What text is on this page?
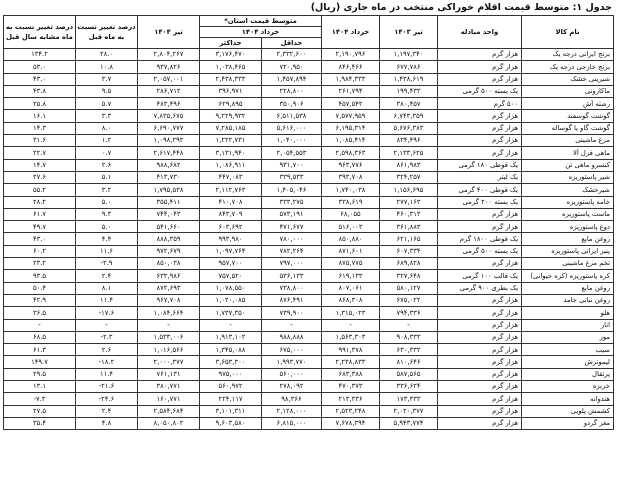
جدول ۱: متوسط قیمت اقلام خوراکی منتخب در ماه جاری (ریال)
نام کالا	واحد مبادله	تیر ۱۴۰۳	خرداد ۱۴۰۴	متوسط قیمت استان*		تیر ۱۴۰۴	درصد تغییر نسبت به ماه قبل	درصد تغییر نسبت به ماه مشابه سال قبل
				خرداد ۱۴۰۴				
				حداقل	حداکثر			
برنج ایرانی درجه یک	هزار گرم	۱,۱۹۷,۳۴۰	۲,۱۹۰,۷۹۶	۲,۳۳۲,۶۰۰	۳,۱۷۶,۴۷۰	۲,۸۰۴,۲۶۷	۲۸.۰	۱۳۴.۲
برنج خارجی درجه یک	هزار گرم	۶۷۷,۷۸۶	۸۴۶,۴۶۶	۷۲۰,۹۵۰	۱,۰۳۸,۴۶۵	۹۳۷,۸۲۶	۱۰.۸	۵۳.۰
شیرینی خشک	هزار گرم	۱,۴۳۸,۶۱۹	۱,۹۸۴,۳۳۳	۱,۴۵۷,۸۹۴	۲,۴۳۸,۳۳۳	۲,۰۵۷,۰۰۱	۳.۷	۴۳.۰
ماکارونی	یک بسته ۵۰۰ گرمی	۱۹۹,۴۳۳	۲۶۱,۷۹۴	۲۲۸,۸۰۰	۳۹۶,۹۷۱	۲۸۶,۷۱۲	۹.۵	۴۳.۸
رشته آش	۵۰۰ گرم	۳۸۰,۴۵۷	۴۵۷,۵۴۲	۳۵۰,۹۰۶	۶۲۹,۸۹۵	۴۸۳,۴۹۶	۵.۷	۲۵.۸
گوشت گوسفند	هزار گرم	۶,۷۴۳,۳۵۹	۷,۵۷۷,۹۵۹	۶,۵۱۱,۵۳۸	۹,۲۲۹,۹۳۲	۷,۸۳۵,۶۷۵	۳.۳	۱۶.۱
گوشت گاو یا گوساله	هزار گرم	۵,۶۷۶,۳۸۳	۶,۱۹۵,۳۱۴	۵,۶۱۶,۰۰۰	۷,۲۸۵,۱۸۵	۶,۶۹۰,۷۷۷	۸.۰	۱۴.۳
مرغ ماشینی	هزار گرم	۸۳۴,۴۹۶	۱,۰۸۵,۴۱۴	۱,۰۴۰,۰۰۰	۱,۲۲۲,۷۳۱	۱,۰۹۸,۲۹۲	۱.۲	۳۱.۶
ماهی قزل آلا	هزار گرم	۲,۱۳۳,۶۲۵	۲,۵۹۸,۳۶۳	۲,۰۵۴,۵۵۳	۳,۱۳۱,۹۴۰	۲,۶۱۷,۴۴۸	۰.۷	۲۲.۷
کنسرو ماهی تن	یک قوطی ۱۸۰ گرمی	۸۶۱,۹۸۳	۹۶۳,۷۷۶	۹۳۱,۷۰۰	۱,۰۸۶,۹۱۱	۹۸۸,۶۸۲	۲.۶	۱۴.۷
شیر پاستوریزه	یک لیتر	۳۲۴,۲۵۷	۳۹۳,۷۰۸	۳۳۹,۵۳۳	۴۴۷,۰۸۳	۴۱۳,۷۳۰	۵.۱	۲۷.۶
شیرخشک	یک قوطی ۴۰۰ گرمی	۱,۱۵۶,۶۹۵	۱,۷۴۰,۰۳۸	۱,۴۰۵,۰۴۶	۲,۱۱۲,۷۶۳	۱,۷۹۵,۵۳۸	۳.۲	۵۵.۲
خامه پاستوریزه	یک بسته ۲۰۰ گرمی	۲۷۷,۱۶۳	۳۳۸,۶۱۹	۳۳۳,۲۷۵	۴۱۰,۷۰۸	۳۵۵,۴۱۱	۵.۰	۲۸.۲
ماست پاستوریزه	هزار گرم	۴۶۰,۳۱۳	۶۸,۰۵۵	۵۷۳,۱۹۱	۸۴۳,۷۰۹	۷۴۴,۰۴۳	۹.۳	۶۱.۷
دوغ پاستوریزه	هزار گرم	۳۶۱,۸۸۳	۵۱۶,۰۰۳	۴۷۱,۶۷۷	۶۰۳,۶۹۲	۵۴۱,۶۶۰	۵.۰	۴۹.۷
روغن مایع	یک قوطی ۱۸۰۰ گرم	۶۲۱,۱۶۵	۸۵۰,۸۸۰	۷۸۰,۰۰۰	۹۹۳,۹۸۰	۸۸۸,۳۵۹	۴.۴	۴۳.۰
پنیر ایرانی پاستوریزه	یک بسته ۵۰۰ گرمی	۶۰۷,۳۳۴	۸۷۱,۶۰۱	۷۸۲,۲۶۴	۱,۰۹۷,۷۶۴	۹۷۲,۶۷۹	۱۱.۶	۶۰.۲
تخم مرغ ماشینی	هزار گرم	۶۸۹,۸۲۸	۸۷۵,۷۷۵	۷۹۷,۰۰۰	۹۵۷,۷۰۰	۸۵۰,۰۳۸	-۲.۹	۲۳.۲
کره پاستوریزه (کره حیوانی)	یک قالب ۱۰۰ گرمی	۳۲۷,۶۴۸	۶۱۹,۱۳۳	۵۳۶,۱۳۳	۷۵۷,۵۲۰	۶۳۳,۹۸۶	۲.۴	۹۳.۵
روغن مایع	یک بطری ۹۰۰ گرمی	۵۸۰,۱۲۷	۸۰۷,۰۶۱	۷۳۸,۸۰۰	۱,۰۷۸,۵۵۰	۸۷۲,۶۹۳	۸.۱	۵۰.۴
روغن نباتی جامد	هزار گرم	۶۷۵,۰۲۲	۸۶۸,۳۰۸	۸۷۶,۴۹۱	۱,۰۲۰,۰۸۵	۹۶۷,۷۰۸	۱۱.۴	۴۲.۹
هلو	هزار گرم	۷۹۴,۳۳۶	۱,۳۱۵,۰۲۳	۷۳۹,۹۰۰	۱,۷۳۷,۳۵۰	۱,۰۸۴,۶۶۴	-۱۷.۶	۳۶.۵
انار	هزار گرم	-	-	-	-	-	-	-
موز	هزار گرم	۹۰۸,۳۳۳	۱,۵۶۳,۳۰۳	۹۸۸,۸۸۸	۱,۹۱۳,۱۰۲	۱,۵۳۳,۰۰۶	-۲.۳	۶۸.۵
سیب	هزار گرم	۶۳۰,۳۳۳	۹۹۱,۳۷۸	۶۷۵,۰۰۰	۱,۳۴۵,۰۸۸	۱,۰۱۶,۵۶۶	۲.۶	۶۱.۳
لیموترش	هزار گرم	۸۱۰,۶۴۶	۲,۲۳۸,۸۳۳	۱,۹۹۳,۷۷۰	۳,۶۵۳,۳۰۰	۲,۰۰۰,۳۷۷	-۱۸.۲	۱۴۹.۷
پرتقال	هزار گرم	۵۸۷,۵۶۵	۶۸۳,۳۸۸	۵۶۰,۰۰۰	۹۷۵,۰۰۰	۷۶۱,۱۳۱	۱۱.۴	۲۹.۵
خربزه	هزار گرم	۳۳۶,۶۲۴	۴۷۰,۳۷۳	۲۷۸,۰۹۲	۵۶۰,۹۷۲	۳۸۰,۷۷۱	-۲۱.۶	۱۳.۱
هندوانه	هزار گرم	۱۷۳,۳۳۳	۲۱۳,۳۳۶	۹۸,۳۶۶	۲۲۴,۱۱۷	۱۶۰,۷۷۱	-۲۴.۶	-۷.۳
کشمش پلویی	هزار گرم	۲,۰۲۰,۳۷۷	۲,۵۲۳,۲۴۸	۲,۱۲۸,۰۰۰	۳,۱۰۱,۳۱۱	۲,۵۸۴,۶۸۴	۲.۴	۲۷.۵
مغز گردو	هزار گرم	۵,۹۴۳,۷۷۴	۷,۶۷۸,۳۹۴	۶,۸۱۵,۰۰۰	۹,۶۰۳,۵۸۰	۸,۰۵۰,۸۰۲	۴.۸	۳۵.۴
